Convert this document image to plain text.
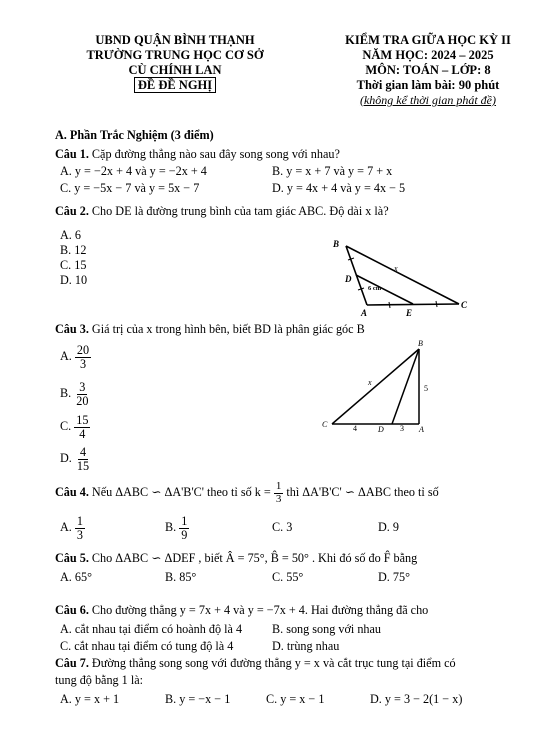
UBND QUẬN BÌNH THẠNH
TRƯỜNG TRUNG HỌC CƠ SỞ
CÙ CHÍNH LAN
ĐỀ ĐỀ NGHỊ
KIỂM TRA GIỮA HỌC KỲ II
NĂM HỌC: 2024 – 2025
MÔN: TOÁN – LỚP: 8
Thời gian làm bài: 90 phút
(không kể thời gian phát đề)
A. Phần Trắc Nghiệm (3 điểm)
Câu 1. Cặp đường thẳng nào sau đây song song với nhau?
A. y = −2x + 4 và y = −2x + 4	B. y = x + 7 và y = 7 + x
C. y = −5x − 7 và y = 5x − 7	D. y = 4x + 4 và y = 4x − 5
Câu 2. Cho DE là đường trung bình của tam giác ABC. Độ dài x là?
A. 6
B. 12
C. 15
D. 10
B
D
A	E
C
x
6 cm
Câu 3. Giá trị của x trong hình bên, biết BD là phân giác góc B
A. $\frac{20}{3}$
B. $\frac{3}{20}$
C. $\frac{15}{4}$
D. $\frac{4}{15}$
B
C
D	A
x
5
4	3
Câu 4. Nếu ΔABC ∽ ΔA'B'C' theo tỉ số $k = \frac{1}{3}$ thì ΔA'B'C' ∽ ΔABC theo tỉ số
A. $\frac{1}{3}$	B. $\frac{1}{9}$	C. 3	D. 9
Câu 5. Cho ΔABC ∽ ΔDEF , biết Â = 75°, B̂ = 50° . Khi đó số đo F̂ bằng
A. 65°	B. 85°	C. 55°	D. 75°
Câu 6. Cho đường thẳng y = 7x + 4 và y = −7x + 4. Hai đường thẳng đã cho
A. cắt nhau tại điểm có hoành độ là 4 B. song song với nhau
C. cắt nhau tại điểm có tung độ là 4	D. trùng nhau
Câu 7. Đường thẳng song song với đường thẳng y = x và cắt trục tung tại điểm có
tung độ bằng 1 là:
A. y = x + 1	B. y = −x − 1	C. y = x − 1	D. y = 3 − 2(1 − x)
